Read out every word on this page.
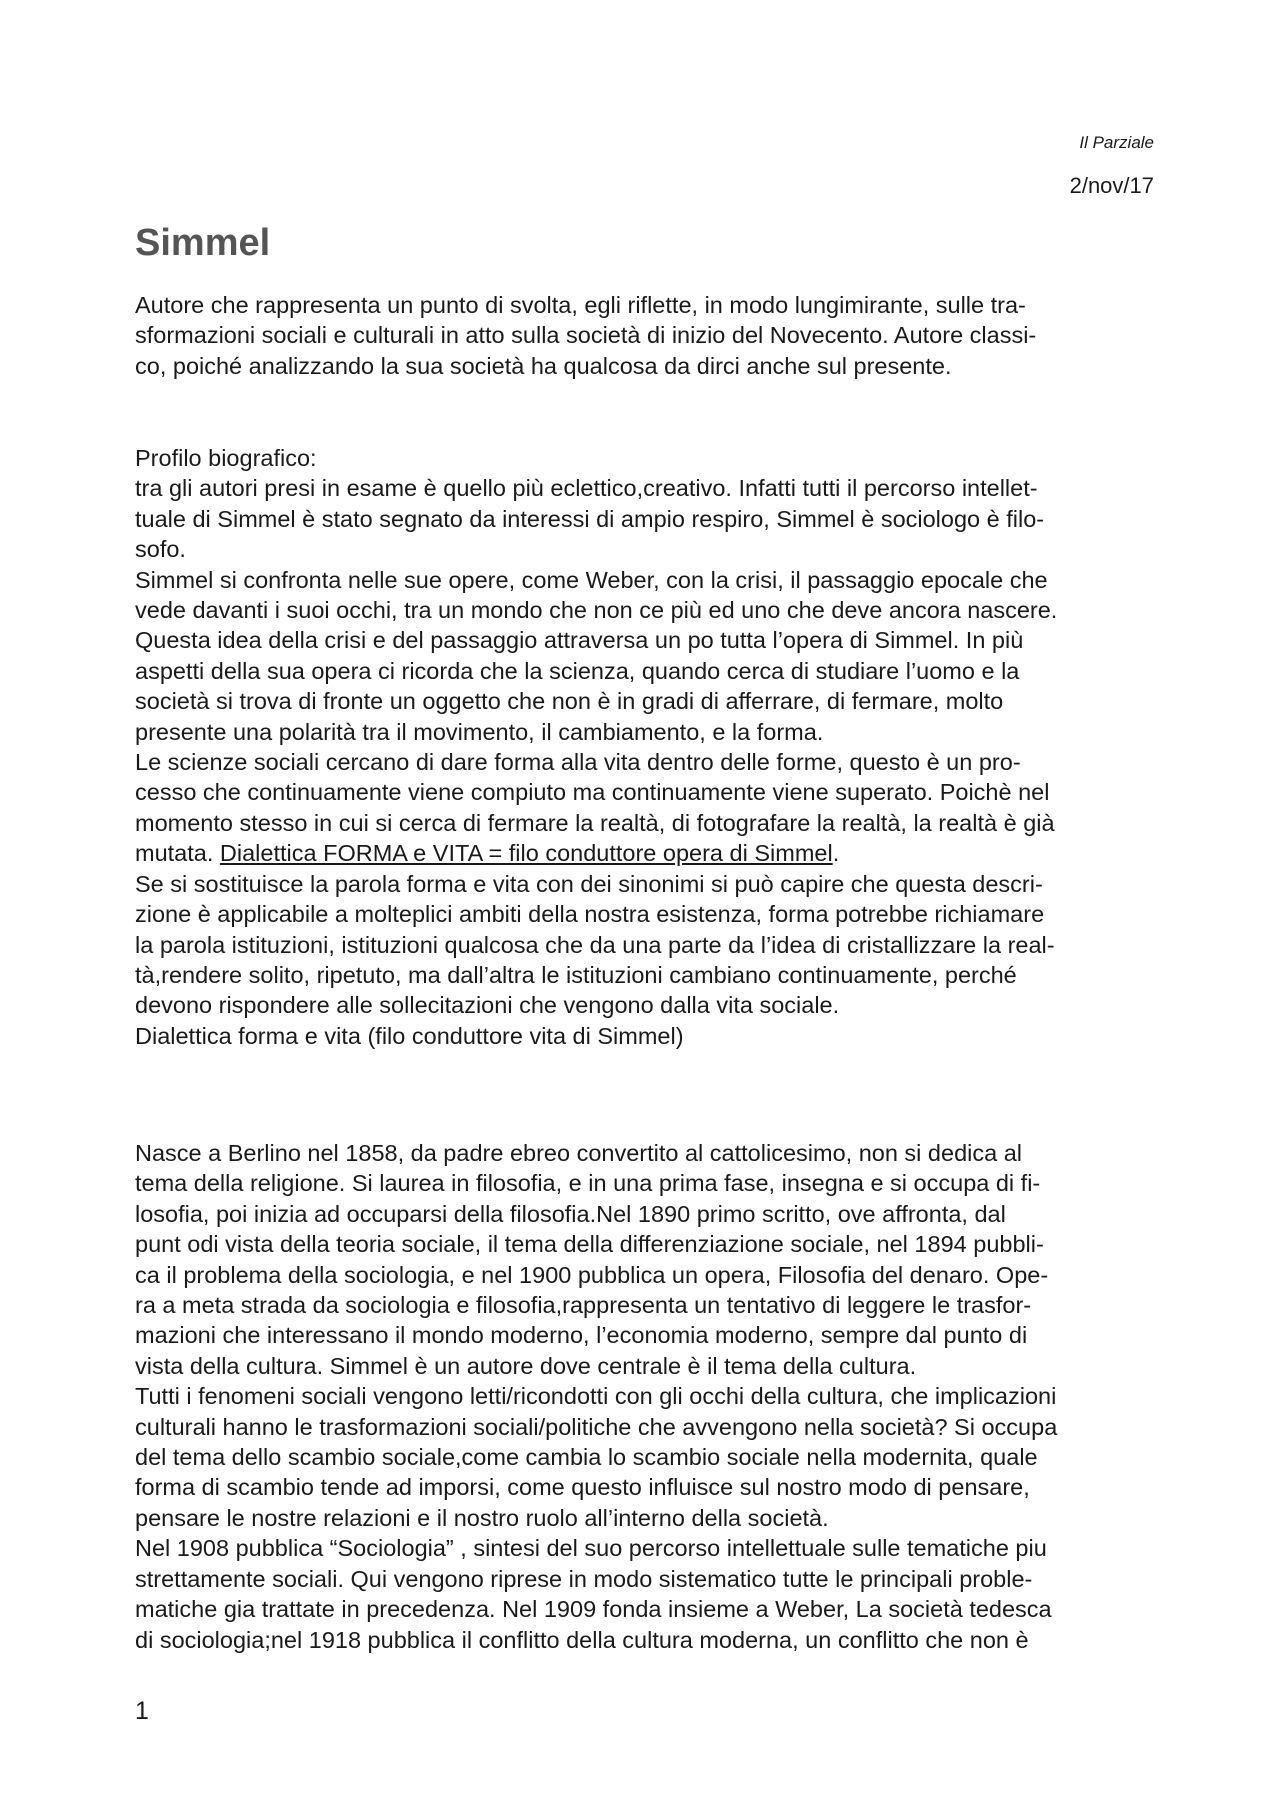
Il Parziale
2/nov/17
Simmel

Autore che rappresenta un punto di svolta, egli riflette, in modo lungimirante, sulle tra-
sformazioni sociali e culturali in atto sulla società di inizio del Novecento. Autore classi-
co, poiché analizzando la sua società ha qualcosa da dirci anche sul presente.

Profilo biografico:

tra gli autori presi in esame è quello più eclettico,creativo. Infatti tutti il percorso intellet-
tuale di Simmel è stato segnato da interessi di ampio respiro, Simmel è sociologo è filo-
sofo.

Simmel si confronta nelle sue opere, come Weber, con la crisi, il passaggio epocale che
vede davanti i suoi occhi, tra un mondo che non ce più ed uno che deve ancora nascere.
Questa idea della crisi e del passaggio attraversa un po tutta l’opera di Simmel. In più
aspetti della sua opera ci ricorda che la scienza, quando cerca di studiare l’uomo e la
società si trova di fronte un oggetto che non è in gradi di afferrare, di fermare, molto
presente una polarità tra il movimento, il cambiamento, e la forma.

Le scienze sociali cercano di dare forma alla vita dentro delle forme, questo è un pro-
cesso che continuamente viene compiuto ma continuamente viene superato. Poichè nel
momento stesso in cui si cerca di fermare la realtà, di fotografare la realtà, la realtà è già
mutata. Dialettica FORMA e VITA = filo conduttore opera di Simmel.

Se si sostituisce la parola forma e vita con dei sinonimi si può capire che questa descri-
zione è applicabile a molteplici ambiti della nostra esistenza, forma potrebbe richiamare
la parola istituzioni, istituzioni qualcosa che da una parte da l’idea di cristallizzare la real-
tà,rendere solito, ripetuto, ma dall’altra le istituzioni cambiano continuamente, perché
devono rispondere alle sollecitazioni che vengono dalla vita sociale.

Dialettica forma e vita (filo conduttore vita di Simmel)

Nasce a Berlino nel 1858, da padre ebreo convertito al cattolicesimo, non si dedica al
tema della religione. Si laurea in filosofia, e in una prima fase, insegna e si occupa di fi-
losofia, poi inizia ad occuparsi della filosofia.Nel 1890 primo scritto, ove affronta, dal
punt odi vista della teoria sociale, il tema della differenziazione sociale, nel 1894 pubbli-
ca il problema della sociologia, e nel 1900 pubblica un opera, Filosofia del denaro. Ope-
ra a meta strada da sociologia e filosofia,rappresenta un tentativo di leggere le trasfor-
mazioni che interessano il mondo moderno, l’economia moderno, sempre dal punto di
vista della cultura. Simmel è un autore dove centrale è il tema della cultura.

Tutti i fenomeni sociali vengono letti/ricondotti con gli occhi della cultura, che implicazioni
culturali hanno le trasformazioni sociali/politiche che avvengono nella società? Si occupa
del tema dello scambio sociale,come cambia lo scambio sociale nella modernita, quale
forma di scambio tende ad imporsi, come questo influisce sul nostro modo di pensare,
pensare le nostre relazioni e il nostro ruolo all’interno della società.

Nel 1908 pubblica “Sociologia” , sintesi del suo percorso intellettuale sulle tematiche piu
strettamente sociali. Qui vengono riprese in modo sistematico tutte le principali proble-
matiche gia trattate in precedenza. Nel 1909 fonda insieme a Weber, La società tedesca
di sociologia;nel 1918 pubblica il conflitto della cultura moderna, un conflitto che non è

1
